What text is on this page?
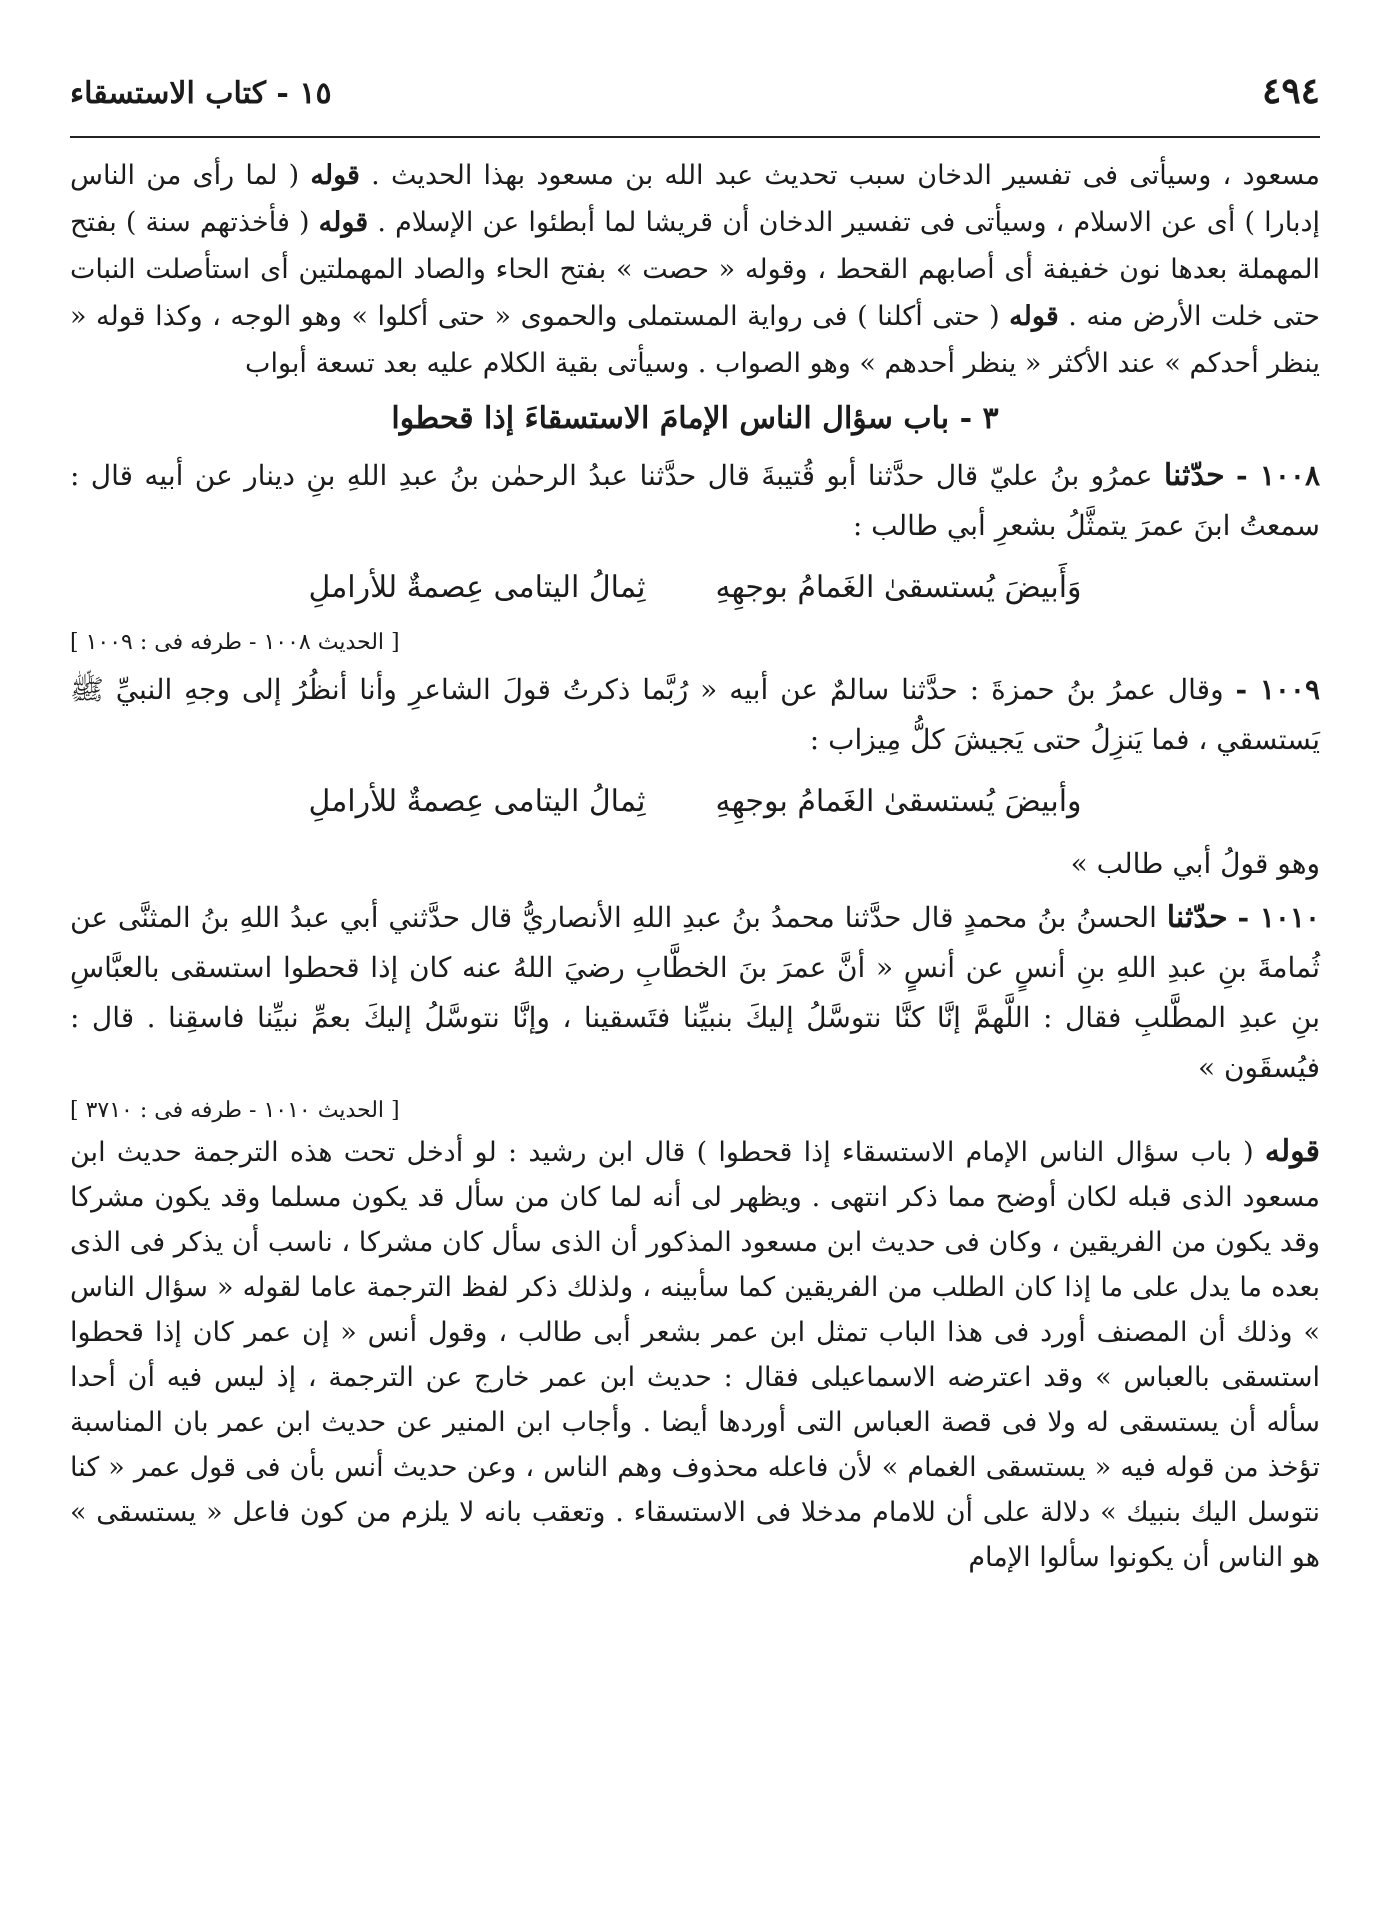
٤٩٤
١٥ - كتاب الاستسقاء

مسعود ، وسيأتى فى تفسير الدخان سبب تحديث عبد الله بن مسعود بهذا الحديث . قوله ( لما رأى من الناس إدبارا ) أى عن الاسلام ، وسيأتى فى تفسير الدخان أن قريشا لما أبطئوا عن الإسلام . قوله ( فأخذتهم سنة ) بفتح المهملة بعدها نون خفيفة أى أصابهم القحط ، وقوله « حصت » بفتح الحاء والصاد المهملتين أى استأصلت النبات حتى خلت الأرض منه . قوله ( حتى أكلنا ) فى رواية المستملى والحموى « حتى أكلوا » وهو الوجه ، وكذا قوله « ينظر أحدكم » عند الأكثر « ينظر أحدهم » وهو الصواب . وسيأتى بقية الكلام عليه بعد تسعة أبواب

٣ - باب سؤال الناس الإمامَ الاستسقاءَ إذا قحطوا

١٠٠٨ - حدّثنا عمرُو بنُ عليّ قال حدَّثنا أبو قُتيبةَ قال حدَّثنا عبدُ الرحمٰن بنُ عبدِ اللهِ بنِ دينار عن أبيه قال : سمعتُ ابنَ عمرَ يتمثَّلُ بشعرِ أبي طالب :

وَأَبيضَ يُستسقىٰ الغَمامُ بوجهِهِ
ثِمالُ اليتامى عِصمةٌ للأراملِ
[ الحديث ١٠٠٨ - طرفه فى : ١٠٠٩ ]

١٠٠٩ - وقال عمرُ بنُ حمزةَ : حدَّثنا سالمٌ عن أبيه « رُبَّما ذكرتُ قولَ الشاعرِ وأنا أنظُرُ إلى وجهِ النبيِّ ﷺ يَستسقي ، فما يَنزِلُ حتى يَجيشَ كلُّ مِيزاب :

وأبيضَ يُستسقىٰ الغَمامُ بوجهِهِ
ثِمالُ اليتامى عِصمةٌ للأراملِ

وهو قولُ أبي طالب »

١٠١٠ - حدّثنا الحسنُ بنُ محمدٍ قال حدَّثنا محمدُ بنُ عبدِ اللهِ الأنصاريُّ قال حدَّثني أبي عبدُ اللهِ بنُ المثنَّى عن ثُمامةَ بنِ عبدِ اللهِ بنِ أنسٍ عن أنسٍ « أنَّ عمرَ بنَ الخطَّابِ رضيَ اللهُ عنه كان إذا قحطوا استسقى بالعبَّاسِ بنِ عبدِ المطَّلبِ فقال : اللَّهمَّ إنَّا كنَّا نتوسَّلُ إليكَ بنبيِّنا فتَسقينا ، وإنَّا نتوسَّلُ إليكَ بعمِّ نبيِّنا فاسقِنا . قال : فيُسقَون »

[ الحديث ١٠١٠ - طرفه فى : ٣٧١٠ ]

قوله ( باب سؤال الناس الإمام الاستسقاء إذا قحطوا ) قال ابن رشيد : لو أدخل تحت هذه الترجمة حديث ابن مسعود الذى قبله لكان أوضح مما ذكر انتهى . ويظهر لى أنه لما كان من سأل قد يكون مسلما وقد يكون مشركا وقد يكون من الفريقين ، وكان فى حديث ابن مسعود المذكور أن الذى سأل كان مشركا ، ناسب أن يذكر فى الذى بعده ما يدل على ما إذا كان الطلب من الفريقين كما سأبينه ، ولذلك ذكر لفظ الترجمة عاما لقوله « سؤال الناس » وذلك أن المصنف أورد فى هذا الباب تمثل ابن عمر بشعر أبى طالب ، وقول أنس « إن عمر كان إذا قحطوا استسقى بالعباس » وقد اعترضه الاسماعيلى فقال : حديث ابن عمر خارج عن الترجمة ، إذ ليس فيه أن أحدا سأله أن يستسقى له ولا فى قصة العباس التى أوردها أيضا . وأجاب ابن المنير عن حديث ابن عمر بان المناسبة تؤخذ من قوله فيه « يستسقى الغمام » لأن فاعله محذوف وهم الناس ، وعن حديث أنس بأن فى قول عمر « كنا نتوسل اليك بنبيك » دلالة على أن للامام مدخلا فى الاستسقاء . وتعقب بانه لا يلزم من كون فاعل « يستسقى » هو الناس أن يكونوا سألوا الإمام
